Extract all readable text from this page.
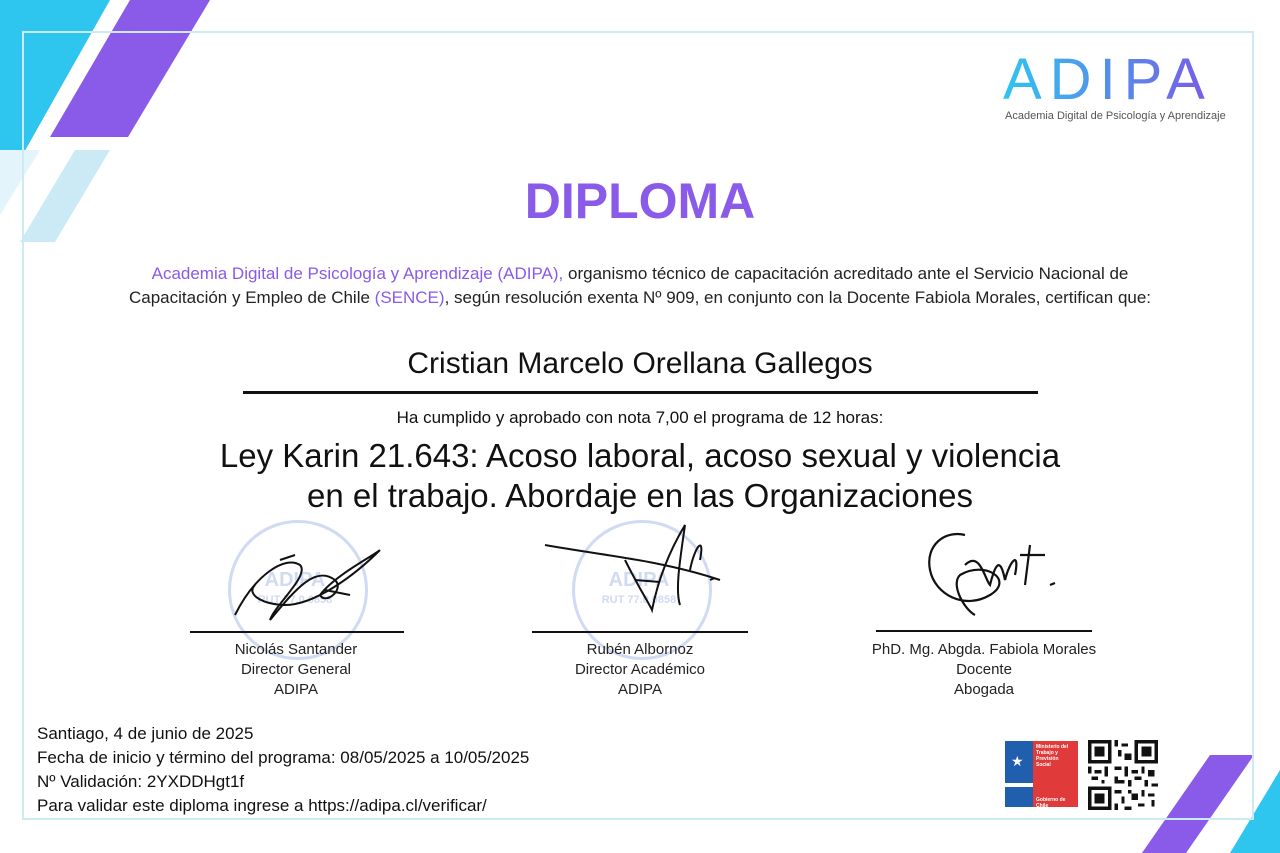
ADIPA
Academia Digital de Psicología y Aprendizaje
DIPLOMA
Academia Digital de Psicología y Aprendizaje (ADIPA), organismo técnico de capacitación acreditado ante el Servicio Nacional de Capacitación y Empleo de Chile (SENCE), según resolución exenta Nº 909, en conjunto con la Docente Fabiola Morales, certifican que:
Cristian Marcelo Orellana Gallegos
Ha cumplido y aprobado con nota 7,00 el programa de 12 horas:
Ley Karin 21.643: Acoso laboral, acoso sexual y violencia
en el trabajo. Abordaje en las Organizaciones
ADIPA
RUT 77.0 0858
ADIPA
RUT 77.0 0858
Nicolás Santander
Director General
ADIPA
Rubén Albornoz
Director Académico
ADIPA
PhD. Mg. Abgda. Fabiola Morales
Docente
Abogada
Santiago, 4 de junio de 2025
Fecha de inicio y término del programa: 08/05/2025 a 10/05/2025
Nº Validación: 2YXDDHgt1f
Para validar este diploma ingrese a https://adipa.cl/verificar/
★
Ministerio del
Trabajo y
Previsión
Social
Gobierno de Chile
